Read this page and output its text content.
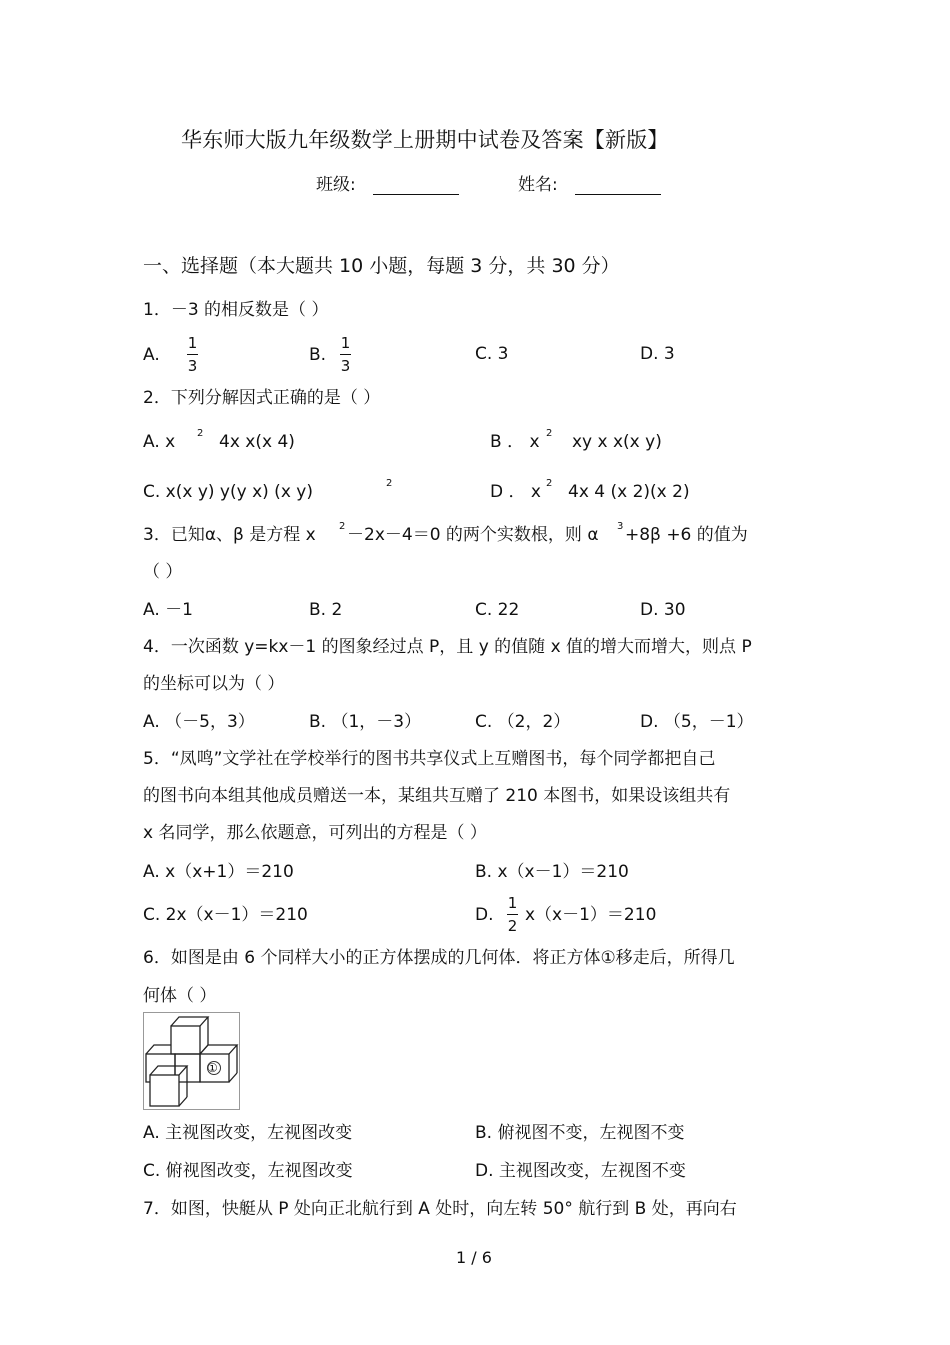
华东师大版九年级数学上册期中试卷及答案【新版】
班级:	姓名:
一、选择题（本大题共 10 小题，每题 3 分，共 30 分）
1．－3 的相反数是（ ）
A.
1
3
B.
1
3
C. 3	D. 3
2．下列分解因式正确的是（ ）
A. x 2 4x x(x 4)	B ． x 2 xy x x(x y)
C. x(x y) y(y x) (x y)	2	D ． x 2 4x 4 (x 2)(x 2)
3．已知α、β 是方程 x 2 －2x－4＝0 的两个实数根，则 α 3 +8β +6 的值为
（ ）
A. －1	B. 2	C. 22	D. 30
4．一次函数 y=kx－1 的图象经过点 P，且 y 的值随 x 值的增大而增大，则点 P
的坐标可以为（ ）
A. （－5，3）	B. （1，－3）	C. （2，2）	D. （5，－1）
5．“凤鸣”文学社在学校举行的图书共享仪式上互赠图书，每个同学都把自己
的图书向本组其他成员赠送一本，某组共互赠了 210 本图书，如果设该组共有
x 名同学，那么依题意，可列出的方程是（ ）
A. x（x+1）＝210	B. x（x－1）＝210
C. 2x（x－1）＝210	D.
1
2
x（x－1）＝210
6．如图是由 6 个同样大小的正方体摆成的几何体．将正方体①移走后，所得几
何体（ ）
①
A. 主视图改变，左视图改变	B. 俯视图不变，左视图不变
C. 俯视图改变，左视图改变	D. 主视图改变，左视图不变
7．如图，快艇从 P 处向正北航行到 A 处时，向左转 50° 航行到 B 处，再向右
1 / 6
